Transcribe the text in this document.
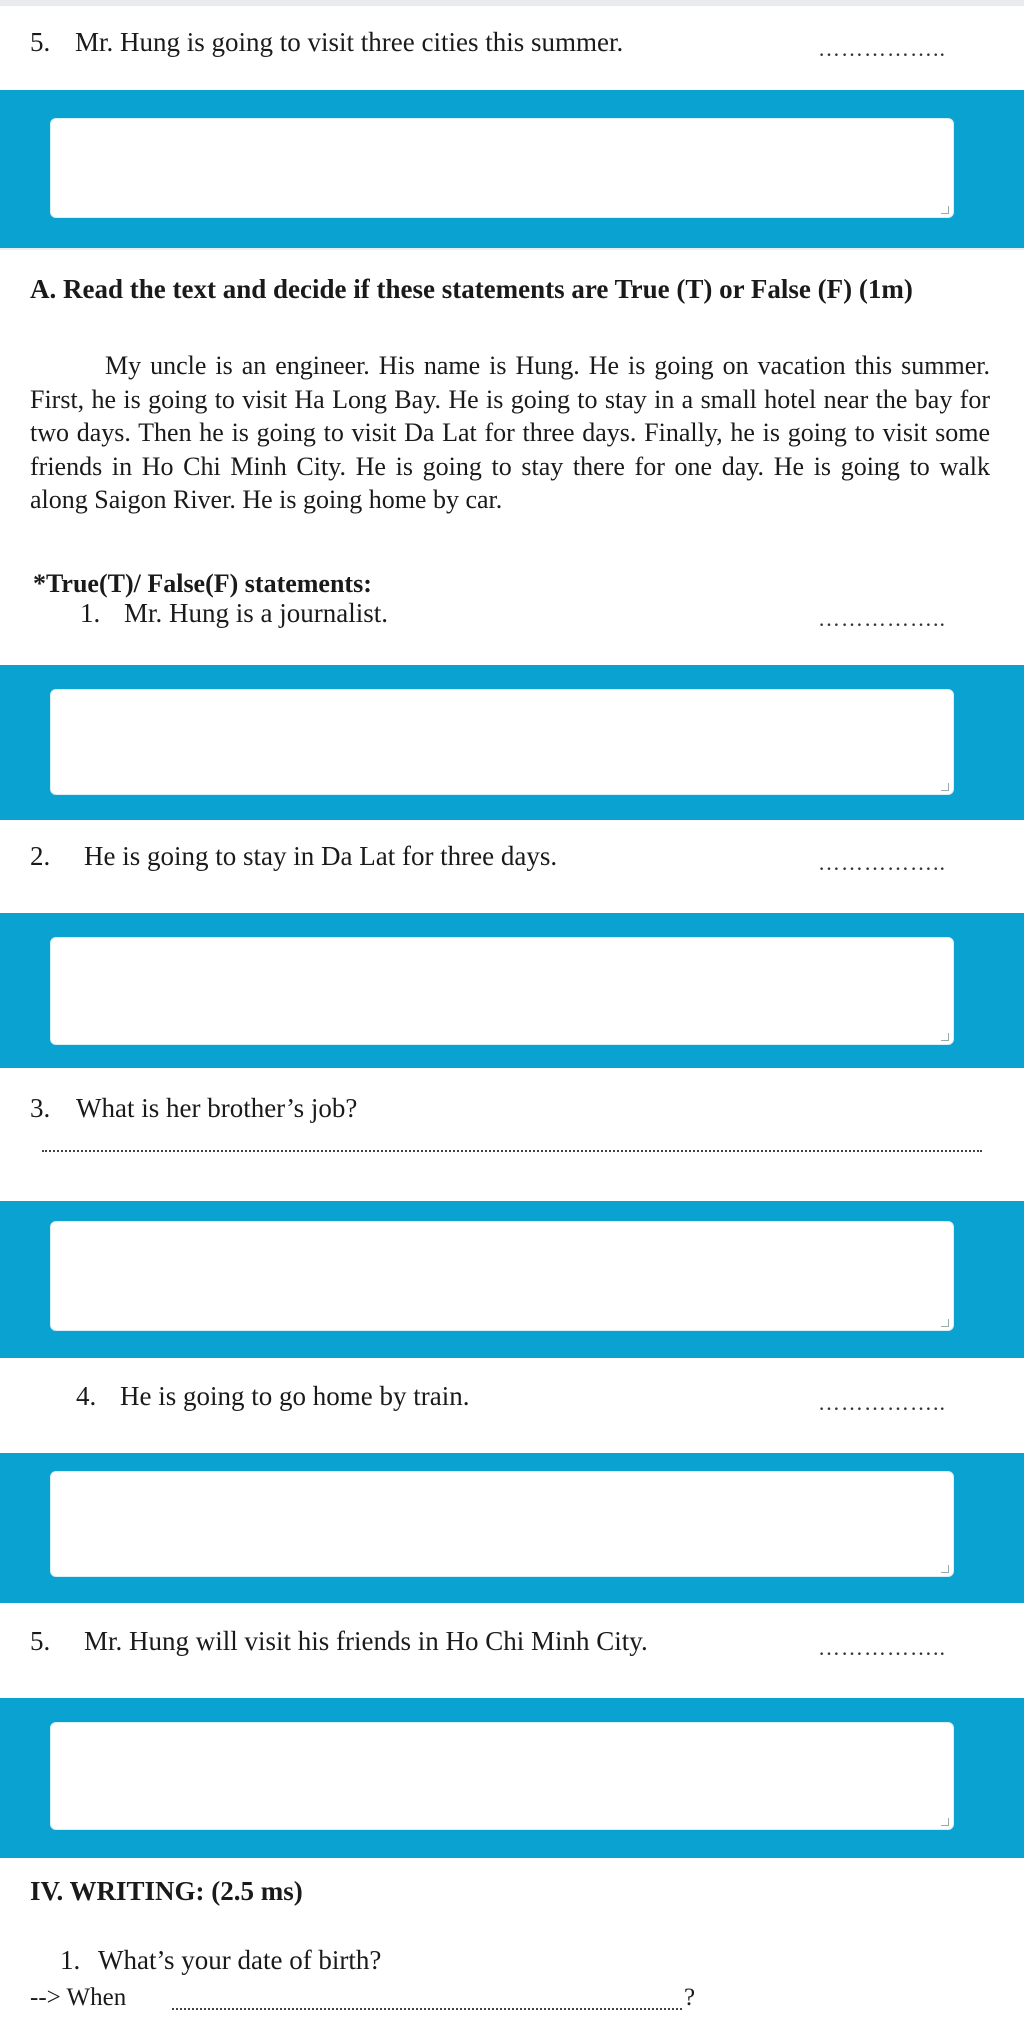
5. Mr. Hung is going to visit three cities this summer.	……………..
A. Read the text and decide if these statements are True (T) or False (F) (1m)

My uncle is an engineer. His name is Hung. He is going on vacation this summer. First, he is going to visit Ha Long Bay. He is going to stay in a small hotel near the bay for two days. Then he is going to visit Da Lat for three days. Finally, he is going to visit some friends in Ho Chi Minh City. He is going to stay there for one day. He is going to walk along Saigon River. He is going home by car.

*True(T)/ False(F) statements:
1. Mr. Hung is a journalist.	……………..
2. He is going to stay in Da Lat for three days.	……………..
3. What is her brother’s job?
4. He is going to go home by train.	……………..
5. Mr. Hung will visit his friends in Ho Chi Minh City.	……………..
IV. WRITING: (2.5 ms)
1. What’s your date of birth?
--> When	?
